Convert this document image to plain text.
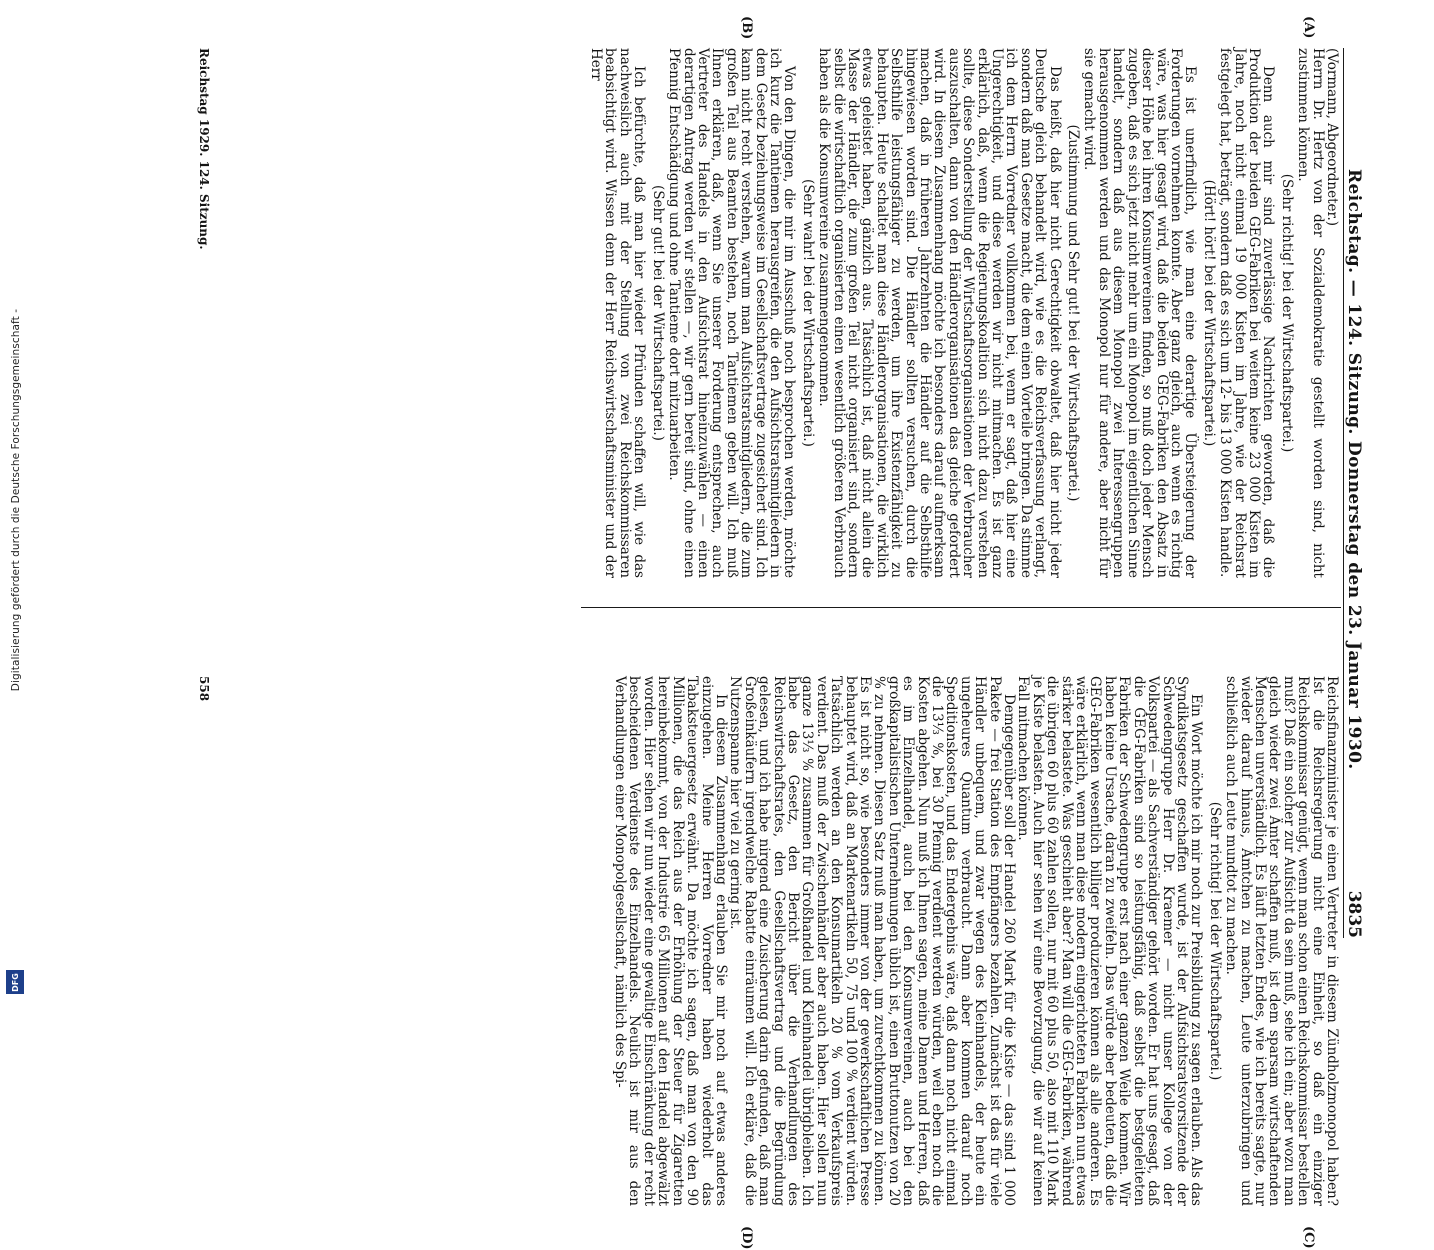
Digitalisierung gefördert durch die Deutsche Forschungsgemeinschaft -
DFG
Reichstag. — 124. Sitzung. Donnerstag den 23. Januar 1930.
3835
(A)
(B)
(C)
(D)

(Vormann, Abgeordneter.)

Herrn Dr. Hertz von der Sozialdemokratie gestellt worden sind, nicht zustimmen können.

(Sehr richtig! bei der Wirtschaftspartei.)

Denn auch mir sind zuverlässige Nachrichten geworden, daß die Produktion der beiden GEG-Fabriken bei weitem keine 23 000 Kisten im Jahre, noch nicht einmal 19 000 Kisten im Jahre, wie der Reichsrat festgelegt hat, beträgt, sondern daß es sich um 12- bis 13 000 Kisten handle.

(Hört! hört! bei der Wirtschaftspartei.)

Es ist unerfindlich, wie man eine derartige Übersteigerung der Forderungen vornehmen konnte. Aber ganz gleich, auch wenn es richtig wäre, was hier gesagt wird, daß die beiden GEG-Fabriken den Absatz in dieser Höhe bei ihren Konsumvereinen finden, so muß doch jeder Mensch zugeben, daß es sich jetzt nicht mehr um ein Monopol im eigentlichen Sinne handelt, sondern daß aus diesem Monopol zwei Interessengruppen herausgenommen werden und das Monopol nur für andere, aber nicht für sie gemacht wird.

(Zustimmung und Sehr gut! bei der Wirtschaftspartei.)

Das heißt, daß hier nicht Gerechtigkeit obwaltet, daß hier nicht jeder Deutsche gleich behandelt wird, wie es die Reichsverfassung verlangt, sondern daß man Gesetze macht, die dem einen Vorteile bringen. Da stimme ich dem Herrn Vorredner vollkommen bei, wenn er sagt, daß hier eine Ungerechtigkeit, und diese werden wir nicht mitmachen. Es ist ganz erklärlich, daß, wenn die Regierungskoalition sich nicht dazu verstehen sollte, diese Sonderstellung der Wirtschaftsorganisationen der Verbraucher auszuschalten, dann von den Händlerorganisationen das gleiche gefordert wird. In diesem Zusammenhang möchte ich besonders darauf aufmerksam machen, daß in früheren Jahrzehnten die Händler auf die Selbsthilfe hingewiesen worden sind. Die Händler sollten versuchen, durch die Selbsthilfe leistungsfähiger zu werden, um ihre Existenzfähigkeit zu behaupten. Heute schaltet man diese Händlerorganisationen, die wirklich etwas geleistet haben, gänzlich aus. Tatsächlich ist, daß nicht allein die Masse der Händler, die zum großen Teil nicht organisiert sind, sondern selbst die wirtschaftlich organisierten einen wesentlich größeren Verbrauch haben als die Konsumvereine zusammengenommen.

(Sehr wahr! bei der Wirtschaftspartei.)

Von den Dingen, die mir im Ausschuß noch besprochen werden, möchte ich kurz die Tantiemen herausgreifen, die den Aufsichtsratsmitgliedern in dem Gesetz beziehungsweise im Gesellschaftsvertrage zugesichert sind. Ich kann nicht recht verstehen, warum man Aufsichtsratsmitgliedern, die zum großen Teil aus Beamten bestehen, noch Tantiemen geben will. Ich muß Ihnen erklären, daß, wenn Sie unserer Forderung entsprechen, auch Vertreter des Handels in den Aufsichtsrat hineinzuwählen — einen derartigen Antrag werden wir stellen —, wir gern bereit sind, ohne einen Pfennig Entschädigung und ohne Tantieme dort mitzuarbeiten.

(Sehr gut! bei der Wirtschaftspartei.)

Ich befürchte, daß man hier wieder Pfründen schaffen will, wie das nachweislich auch mit der Stellung von zwei Reichskommissaren beabsichtigt wird. Wissen denn der Herr Reichswirtschaftsminister und der Herr

Reichsfinanzminister je einen Vertreter in diesem Zündholzmonopol haben? Ist die Reichsregierung nicht eine Einheit, so daß ein einziger Reichskommissar genügt, wenn man schon einen Reichskommissar bestellen muß? Daß ein solcher zur Aufsicht da sein muß, sehe ich ein; aber wozu man gleich wieder zwei Ämter schaffen muß, ist dem sparsam wirtschaftenden Menschen unverständlich. Es läuft letzten Endes, wie ich bereits sagte, nur wieder darauf hinaus, Ämtchen zu machen, Leute unterzubringen und schließlich auch Leute mundtot zu machen.

(Sehr richtig! bei der Wirtschaftspartei.)

Ein Wort möchte ich mir noch zur Preisbildung zu sagen erlauben. Als das Syndikatsgesetz geschaffen wurde, ist der Aufsichtsratsvorsitzende der Schwedengruppe Herr Dr. Kraemer — nicht unser Kollege von der Volkspartei — als Sachverständiger gehört worden. Er hat uns gesagt, daß die GEG-Fabriken sind so leistungsfähig, daß selbst die bestgeleiteten Fabriken der Schwedengruppe erst nach einer ganzen Weile kommen. Wir haben keine Ursache, daran zu zweifeln. Das würde aber bedeuten, daß die GEG-Fabriken wesentlich billiger produzieren können als alle anderen. Es wäre erklärlich, wenn man diese modern eingerichteten Fabriken nun etwas stärker belastete. Was geschieht aber? Man will die GEG-Fabriken, während die übrigen 60 plus 60 zahlen sollen, nur mit 60 plus 50, also mit 110 Mark je Kiste belasten. Auch hier sehen wir eine Bevorzugung, die wir auf keinen Fall mitmachen können.

Demgegenüber soll der Handel 260 Mark für die Kiste — das sind 1 000 Pakete — frei Station des Empfängers bezahlen. Zunächst ist das für viele Händler unbequem, und zwar wegen des Kleinhandels, der heute ein ungeheures Quantum verbraucht. Dann aber kommen darauf noch Speditionskosten, und das Endergebnis wäre, daß dann noch nicht einmal die 13⅓ %, bei 30 Pfennig verdient werden würden, weil eben noch die Kosten abgehen. Nun muß ich Ihnen sagen, meine Damen und Herren, daß es im Einzelhandel, auch bei den Konsumvereinen, auch bei den großkapitalistischen Unternehmungen üblich ist, einen Bruttonutzen von 20 % zu nehmen. Diesen Satz muß man haben, um zurechtkommen zu können. Es ist nicht so, wie besonders immer von der gewerkschaftlichen Presse behauptet wird, daß an Markenartikeln 50, 75 und 100 % verdient würden. Tatsächlich werden an den Konsumartikeln 20 % vom Verkaufspreis verdient. Das muß der Zwischenhändler aber auch haben. Hier sollen nun ganze 13⅓ % zusammen für Großhandel und Kleinhandel übrigbleiben. Ich habe das Gesetz, den Bericht über die Verhandlungen des Reichswirtschaftsrates, den Gesellschaftsvertrag und die Begründung gelesen, und ich habe nirgend eine Zusicherung darin gefunden, daß man Großeinkäufern irgendwelche Rabatte einräumen will. Ich erkläre, daß die Nutzenspanne hier viel zu gering ist.

In diesem Zusammenhang erlauben Sie mir noch auf etwas anderes einzugehen. Meine Herren Vorredner haben wiederholt das Tabaksteuergesetz erwähnt. Da möchte ich sagen, daß man von den 90 Millionen, die das Reich aus der Erhöhung der Steuer für Zigaretten hereinbekommt, von der Industrie 65 Millionen auf den Handel abgewälzt worden. Hier sehen wir nun wieder eine gewaltige Einschränkung der recht bescheidenen Verdienste des Einzelhandels. Neulich ist mir aus den Verhandlungen einer Monopolgesellschaft, nämlich des Spi-

Reichstag 1929. 124. Sitzung.
558
